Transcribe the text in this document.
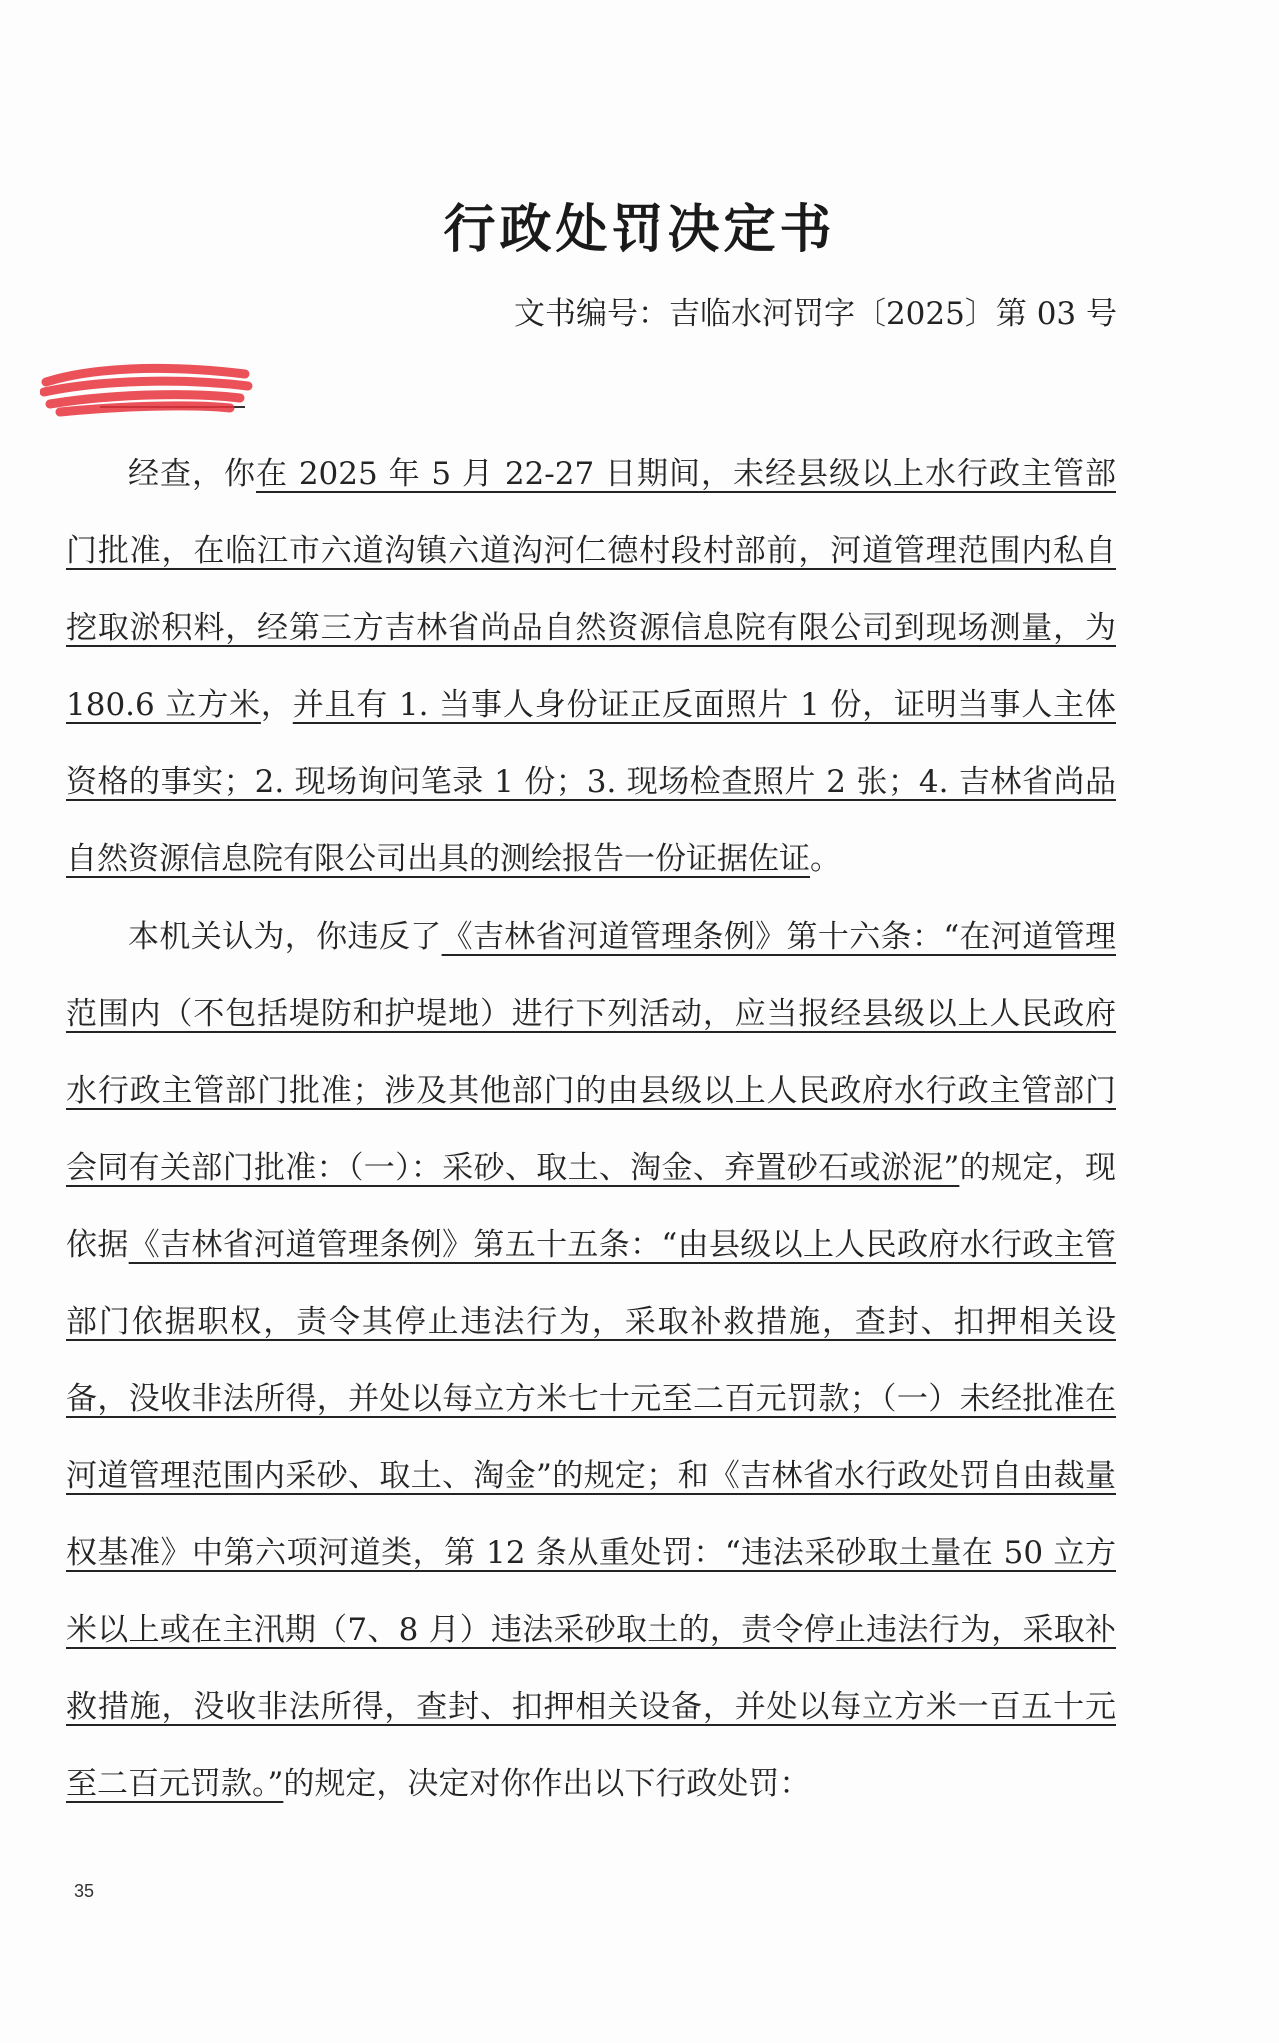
行政处罚决定书
文书编号：吉临水河罚字〔2025〕第 03 号

经查，你在 2025 年 5 月 22-27 日期间，未经县级以上水行政主管部门批准，在临江市六道沟镇六道沟河仁德村段村部前，河道管理范围内私自挖取淤积料，经第三方吉林省尚品自然资源信息院有限公司到现场测量，为 180.6 立方米，并且有 1. 当事人身份证正反面照片 1 份，证明当事人主体资格的事实；2. 现场询问笔录 1 份；3. 现场检查照片 2 张；4. 吉林省尚品自然资源信息院有限公司出具的测绘报告一份证据佐证。

本机关认为，你违反了《吉林省河道管理条例》第十六条：“在河道管理范围内（不包括堤防和护堤地）进行下列活动，应当报经县级以上人民政府水行政主管部门批准；涉及其他部门的由县级以上人民政府水行政主管部门会同有关部门批准：（一）：采砂、取土、淘金、弃置砂石或淤泥”的规定，现依据《吉林省河道管理条例》第五十五条：“由县级以上人民政府水行政主管部门依据职权，责令其停止违法行为，采取补救措施，查封、扣押相关设备，没收非法所得，并处以每立方米七十元至二百元罚款；（一）未经批准在河道管理范围内采砂、取土、淘金”的规定；和《吉林省水行政处罚自由裁量权基准》中第六项河道类，第 12 条从重处罚：“违法采砂取土量在 50 立方米以上或在主汛期（7、8 月）违法采砂取土的，责令停止违法行为，采取补救措施，没收非法所得，查封、扣押相关设备，并处以每立方米一百五十元至二百元罚款。”的规定，决定对你作出以下行政处罚：

35
